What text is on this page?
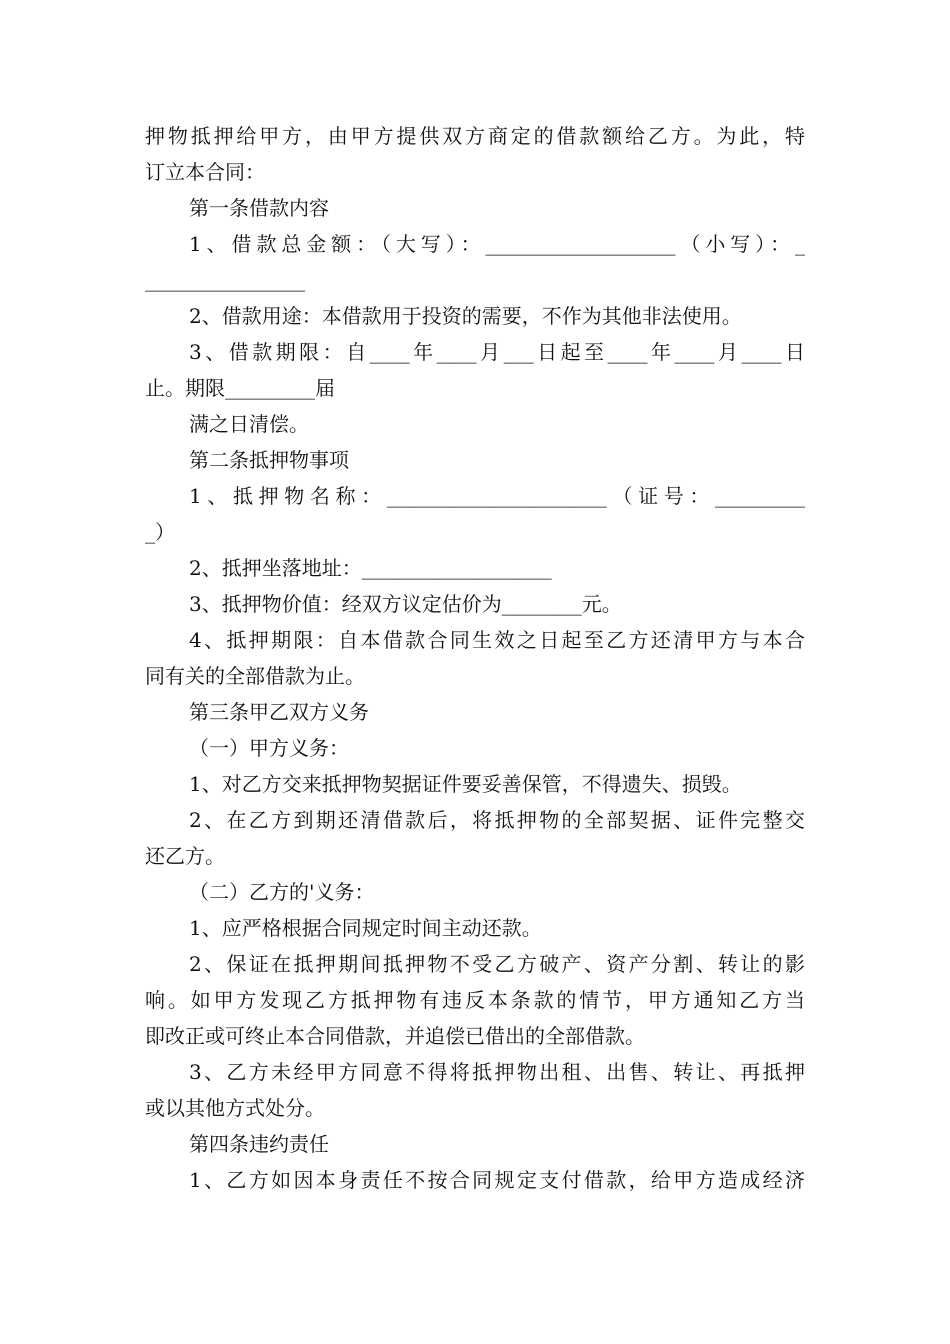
押物抵押给甲方，由甲方提供双方商定的借款额给乙方。为此，特
订立本合同：
第一条借款内容
1、借款总金额：（大写）：___________________（小写）：_
________________
2、借款用途：本借款用于投资的需要，不作为其他非法使用。
3、借款期限：自____年____月___日起至____年____月____日
止。期限_________届
满之日清偿。
第二条抵押物事项
1、抵押物名称：______________________（证号：_________
_）
2、抵押坐落地址：___________________
3、抵押物价值：经双方议定估价为________元。
4、抵押期限：自本借款合同生效之日起至乙方还清甲方与本合
同有关的全部借款为止。
第三条甲乙双方义务
（一）甲方义务：
1、对乙方交来抵押物契据证件要妥善保管，不得遗失、损毁。
2、在乙方到期还清借款后，将抵押物的全部契据、证件完整交
还乙方。
（二）乙方的'义务：
1、应严格根据合同规定时间主动还款。
2、保证在抵押期间抵押物不受乙方破产、资产分割、转让的影
响。如甲方发现乙方抵押物有违反本条款的情节，甲方通知乙方当
即改正或可终止本合同借款，并追偿已借出的全部借款。
3、乙方未经甲方同意不得将抵押物出租、出售、转让、再抵押
或以其他方式处分。
第四条违约责任
1、乙方如因本身责任不按合同规定支付借款，给甲方造成经济
